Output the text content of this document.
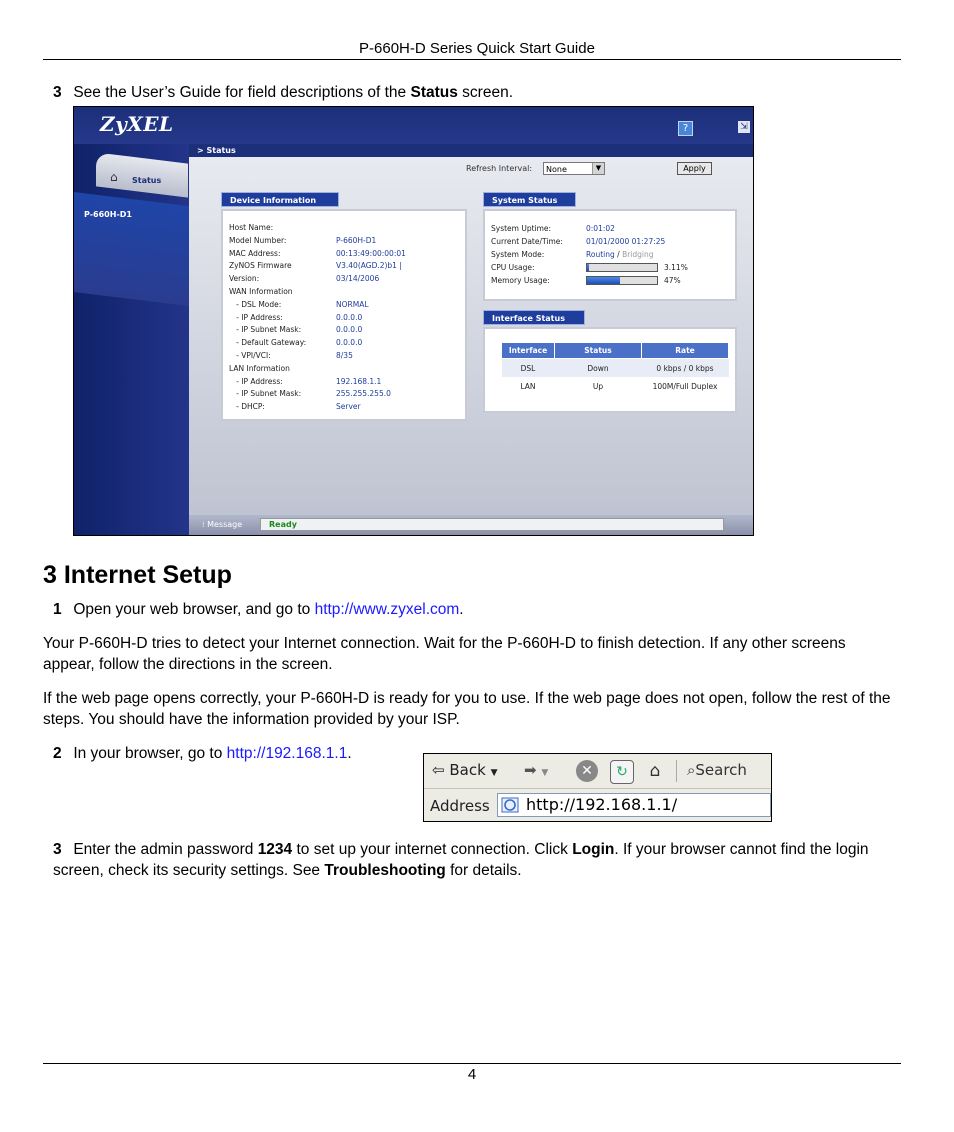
P-660H-D Series Quick Start Guide
3 See the User’s Guide for field descriptions of the Status screen.
ZyXEL	?	⇲
⌂ Status
P-660H-D1
> Status
Refresh Interval:	None	▼	Apply
Device Information
Host Name:
Model Number:	P-660H-D1
MAC Address:	00:13:49:00:00:01
ZyNOS Firmware	V3.40(AGD.2)b1 |
Version:	03/14/2006
WAN Information
- DSL Mode:	NORMAL
- IP Address:	0.0.0.0
- IP Subnet Mask:	0.0.0.0
- Default Gateway:	0.0.0.0
- VPI/VCI:	8/35
LAN Information
- IP Address:	192.168.1.1
- IP Subnet Mask:	255.255.255.0
- DHCP:	Server
System Status
System Uptime:	0:01:02
Current Date/Time:	01/01/2000 01:27:25
System Mode:	Routing / Bridging
CPU Usage:	3.11%
Memory Usage:	47%
Interface Status
Interface	Status	Rate
DSL	Down	0 kbps / 0 kbps
LAN	Up	100M/Full Duplex
⁞ Message	Ready
3 Internet Setup
1 Open your web browser, and go to http://www.zyxel.com.
Your P-660H-D tries to detect your Internet connection. Wait for the P-660H-D to finish detection. If any other screens appear, follow the directions in the screen.
If the web page opens correctly, your P-660H-D is ready for you to use. If the web page does not open, follow the rest of the steps. You should have the information provided by your ISP.
2 In your browser, go to http://192.168.1.1.
⇦ Back ▼ ➡ ▼	✕	↻	⌂	⌕Search
Address	http://192.168.1.1/
3 Enter the admin password 1234 to set up your internet connection. Click Login. If your browser cannot find the login screen, check its security settings. See Troubleshooting for details.
4
